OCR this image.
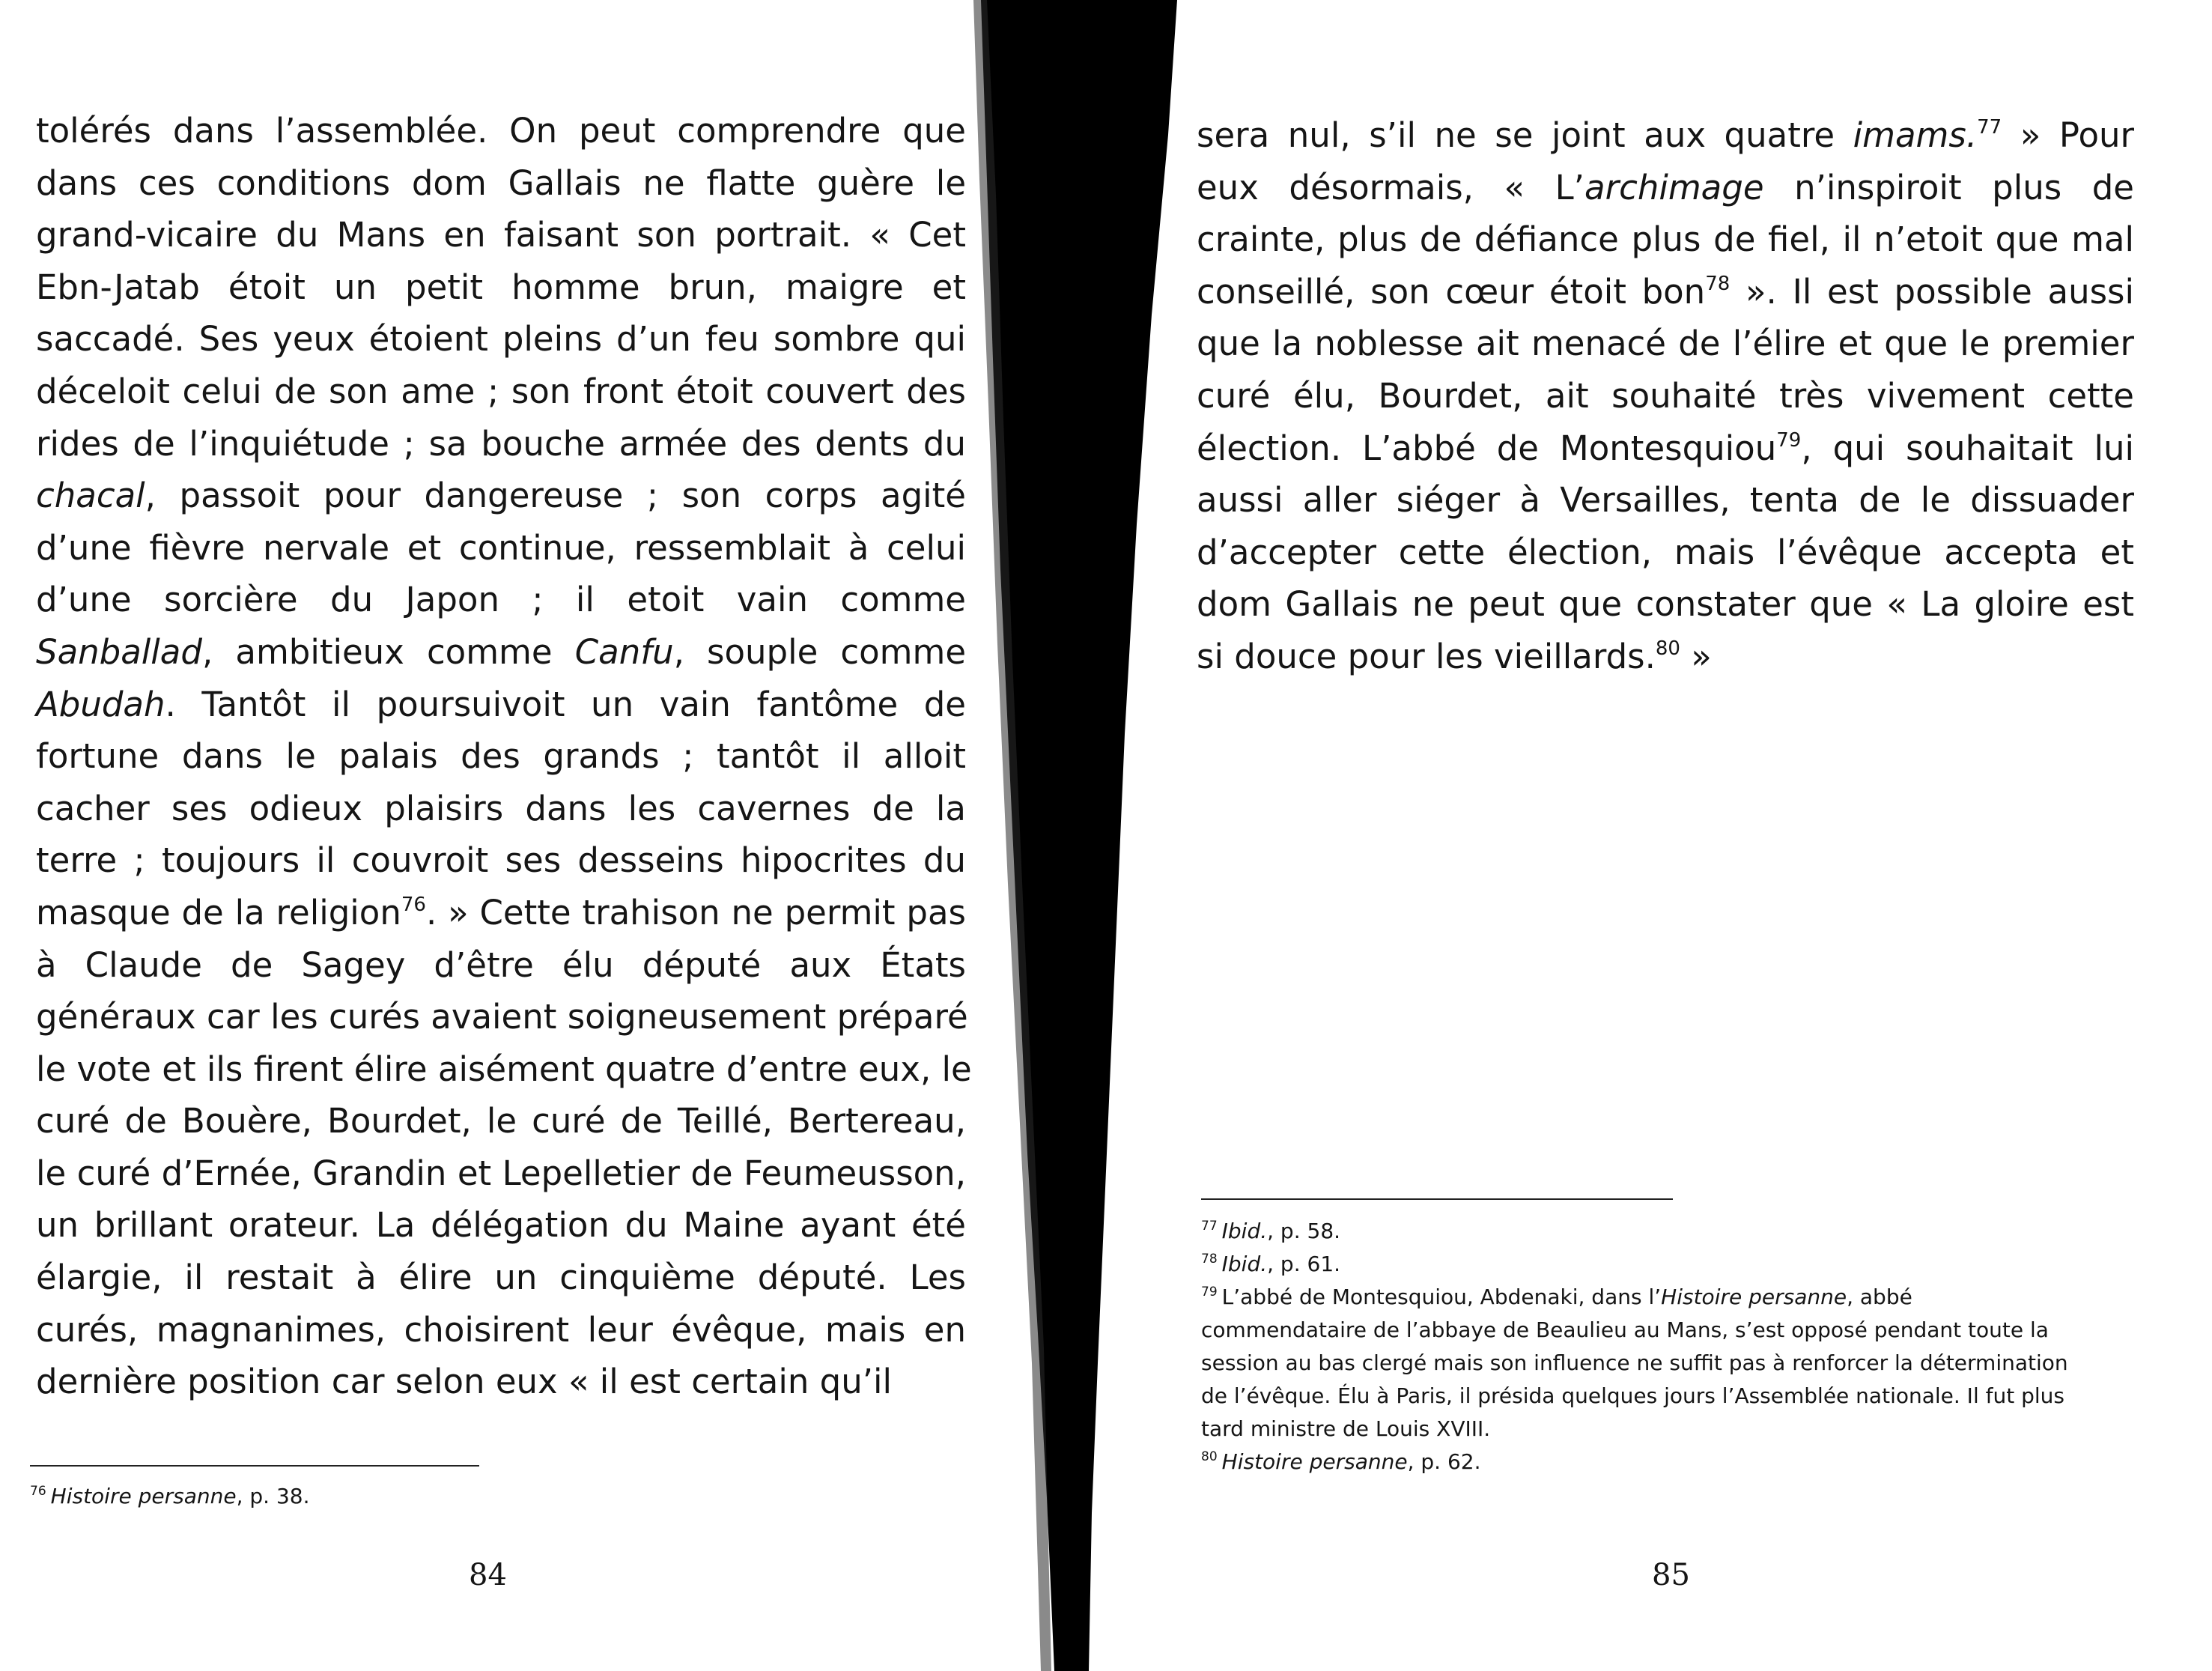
tolérés dans l’assemblée. On peut comprendre que
dans ces conditions dom Gallais ne flatte guère le
grand-vicaire du Mans en faisant son portrait. « Cet
Ebn-Jatab étoit un petit homme brun, maigre et
saccadé. Ses yeux étoient pleins d’un feu sombre qui
déceloit celui de son ame ; son front étoit couvert des
rides de l’inquiétude ; sa bouche armée des dents du
chacal, passoit pour dangereuse ; son corps agité
d’une fièvre nervale et continue, ressemblait à celui
d’une sorcière du Japon ; il etoit vain comme
Sanballad, ambitieux comme Canfu, souple comme
Abudah. Tantôt il poursuivoit un vain fantôme de
fortune dans le palais des grands ; tantôt il alloit
cacher ses odieux plaisirs dans les cavernes de la
terre ; toujours il couvroit ses desseins hipocrites du
masque de la religion$^{76}$. » Cette trahison ne permit pas
à Claude de Sagey d’être élu député aux États
généraux car les curés avaient soigneusement préparé
le vote et ils firent élire aisément quatre d’entre eux, le
curé de Bouère, Bourdet, le curé de Teillé, Bertereau,
le curé d’Ernée, Grandin et Lepelletier de Feumeusson,
un brillant orateur. La délégation du Maine ayant été
élargie, il restait à élire un cinquième député. Les
curés, magnanimes, choisirent leur évêque, mais en
dernière position car selon eux « il est certain qu’il
$^{76}$ Histoire persanne, p. 38.
84
sera nul, s’il ne se joint aux quatre imams.$^{77}$ » Pour
eux désormais, « L’archimage n’inspiroit plus de
crainte, plus de défiance plus de fiel, il n’etoit que mal
conseillé, son cœur étoit bon$^{78}$ ». Il est possible aussi
que la noblesse ait menacé de l’élire et que le premier
curé élu, Bourdet, ait souhaité très vivement cette
élection. L’abbé de Montesquiou$^{79}$, qui souhaitait lui
aussi aller siéger à Versailles, tenta de le dissuader
d’accepter cette élection, mais l’évêque accepta et
dom Gallais ne peut que constater que « La gloire est
si douce pour les vieillards.$^{80}$ »
$^{77}$ Ibid., p. 58.
$^{78}$ Ibid., p. 61.
$^{79}$ L’abbé de Montesquiou, Abdenaki, dans l’Histoire persanne, abbé
commendataire de l’abbaye de Beaulieu au Mans, s’est opposé pendant toute la
session au bas clergé mais son influence ne suffit pas à renforcer la détermination
de l’évêque. Élu à Paris, il présida quelques jours l’Assemblée nationale. Il fut plus
tard ministre de Louis XVIII.
$^{80}$ Histoire persanne, p. 62.
85
